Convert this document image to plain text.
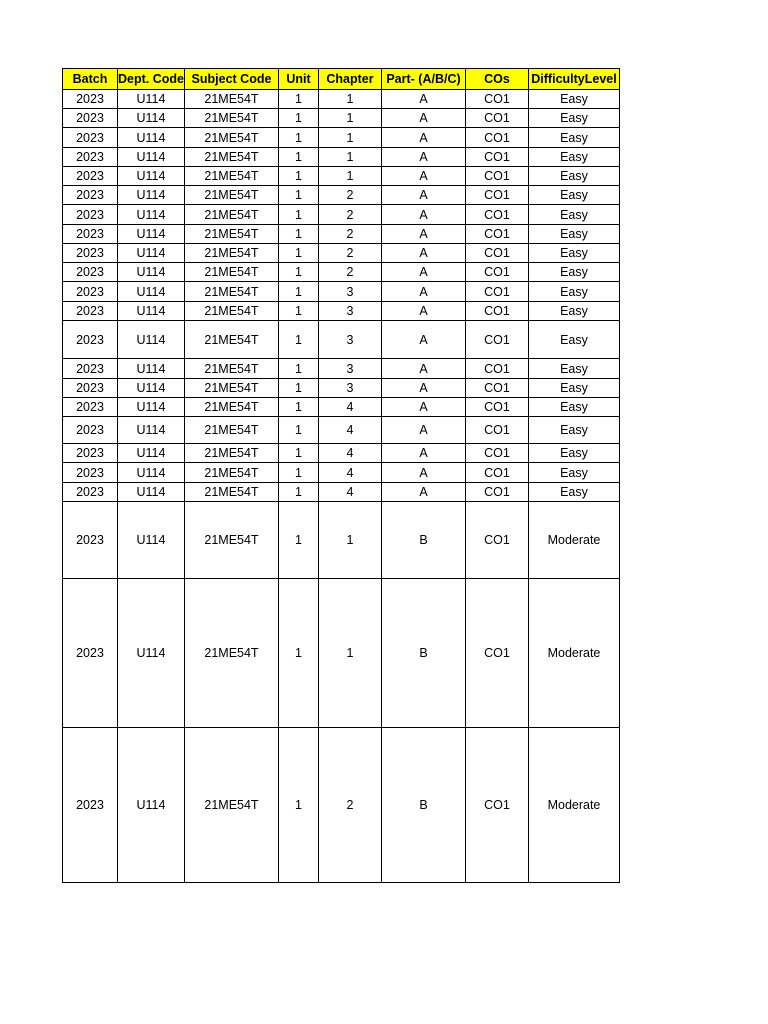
Batch	Dept. Code	Subject Code	Unit	Chapter	Part- (A/B/C)	COs	DifficultyLevel
2023	U114	21ME54T	1	1	A	CO1	Easy
2023	U114	21ME54T	1	1	A	CO1	Easy
2023	U114	21ME54T	1	1	A	CO1	Easy
2023	U114	21ME54T	1	1	A	CO1	Easy
2023	U114	21ME54T	1	1	A	CO1	Easy
2023	U114	21ME54T	1	2	A	CO1	Easy
2023	U114	21ME54T	1	2	A	CO1	Easy
2023	U114	21ME54T	1	2	A	CO1	Easy
2023	U114	21ME54T	1	2	A	CO1	Easy
2023	U114	21ME54T	1	2	A	CO1	Easy
2023	U114	21ME54T	1	3	A	CO1	Easy
2023	U114	21ME54T	1	3	A	CO1	Easy
2023	U114	21ME54T	1	3	A	CO1	Easy
2023	U114	21ME54T	1	3	A	CO1	Easy
2023	U114	21ME54T	1	3	A	CO1	Easy
2023	U114	21ME54T	1	4	A	CO1	Easy
2023	U114	21ME54T	1	4	A	CO1	Easy
2023	U114	21ME54T	1	4	A	CO1	Easy
2023	U114	21ME54T	1	4	A	CO1	Easy
2023	U114	21ME54T	1	4	A	CO1	Easy
2023	U114	21ME54T	1	1	B	CO1	Moderate
2023	U114	21ME54T	1	1	B	CO1	Moderate
2023	U114	21ME54T	1	2	B	CO1	Moderate
